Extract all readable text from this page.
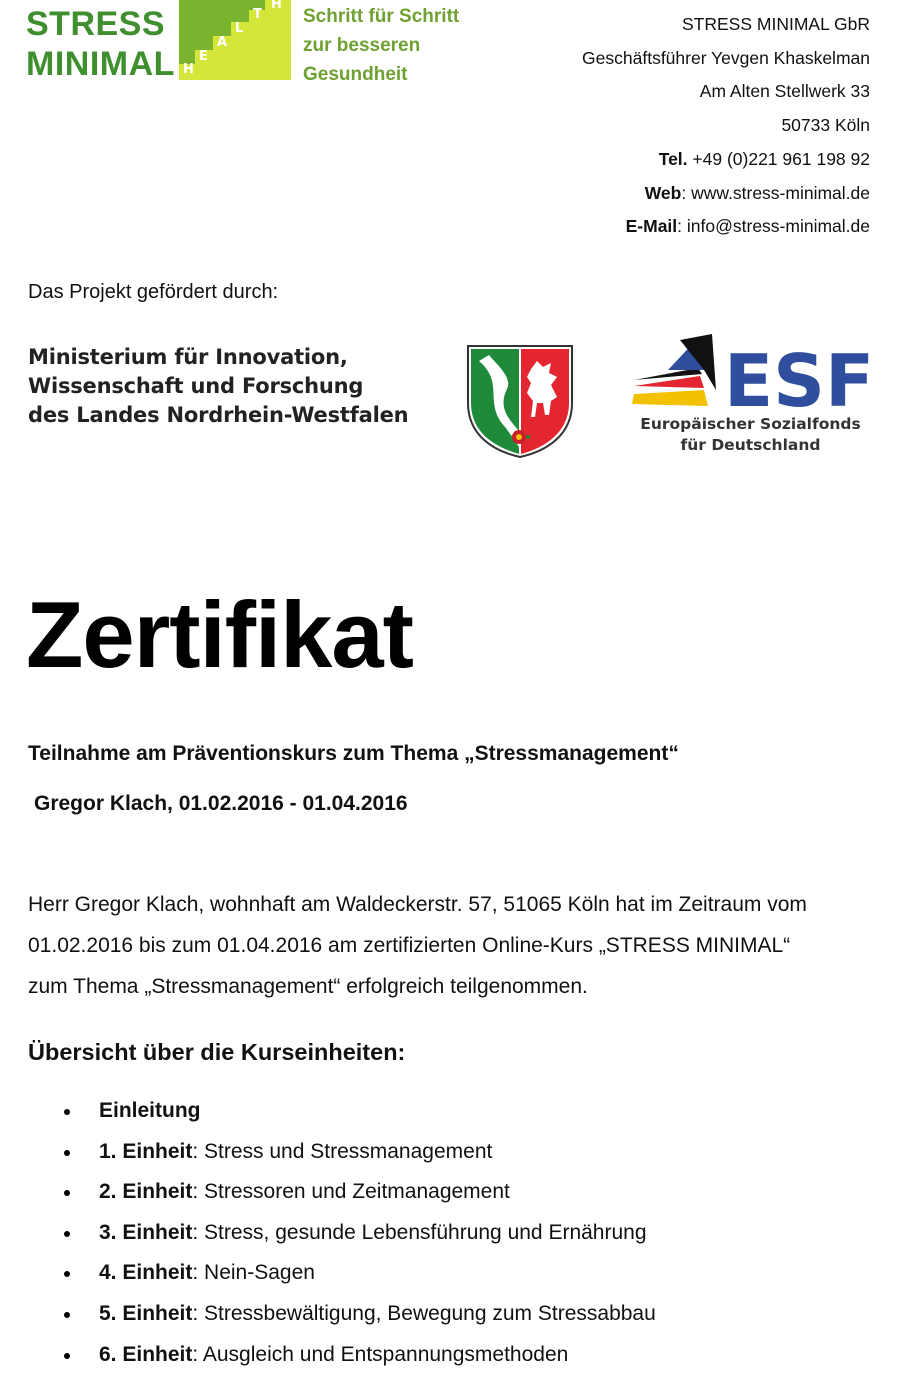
STRESS
MINIMAL H
E
A
L
T
H
Schritt für Schritt
zur besseren
Gesundheit
STRESS MINIMAL GbR
Geschäftsführer Yevgen Khaskelman
Am Alten Stellwerk 33
50733 Köln
Tel. +49 (0)221 961 198 92
Web: www.stress-minimal.de
E-Mail: info@stress-minimal.de
Das Projekt gefördert durch:
Ministerium für Innovation,
Wissenschaft und Forschung
des Landes Nordrhein-Westfalen	ESF
Europäischer Sozialfonds
für Deutschland
Zertifikat
Teilnahme am Präventionskurs zum Thema „Stressmanagement“
Gregor Klach, 01.02.2016 - 01.04.2016
Herr Gregor Klach, wohnhaft am Waldeckerstr. 57, 51065 Köln hat im Zeitraum vom
01.02.2016 bis zum 01.04.2016 am zertifizierten Online-Kurs „STRESS MINIMAL“
zum Thema „Stressmanagement“ erfolgreich teilgenommen.
Übersicht über die Kurseinheiten:
Einleitung
1. Einheit: Stress und Stressmanagement
2. Einheit: Stressoren und Zeitmanagement
3. Einheit: Stress, gesunde Lebensführung und Ernährung
4. Einheit: Nein-Sagen
5. Einheit: Stressbewältigung, Bewegung zum Stressabbau
6. Einheit: Ausgleich und Entspannungsmethoden
